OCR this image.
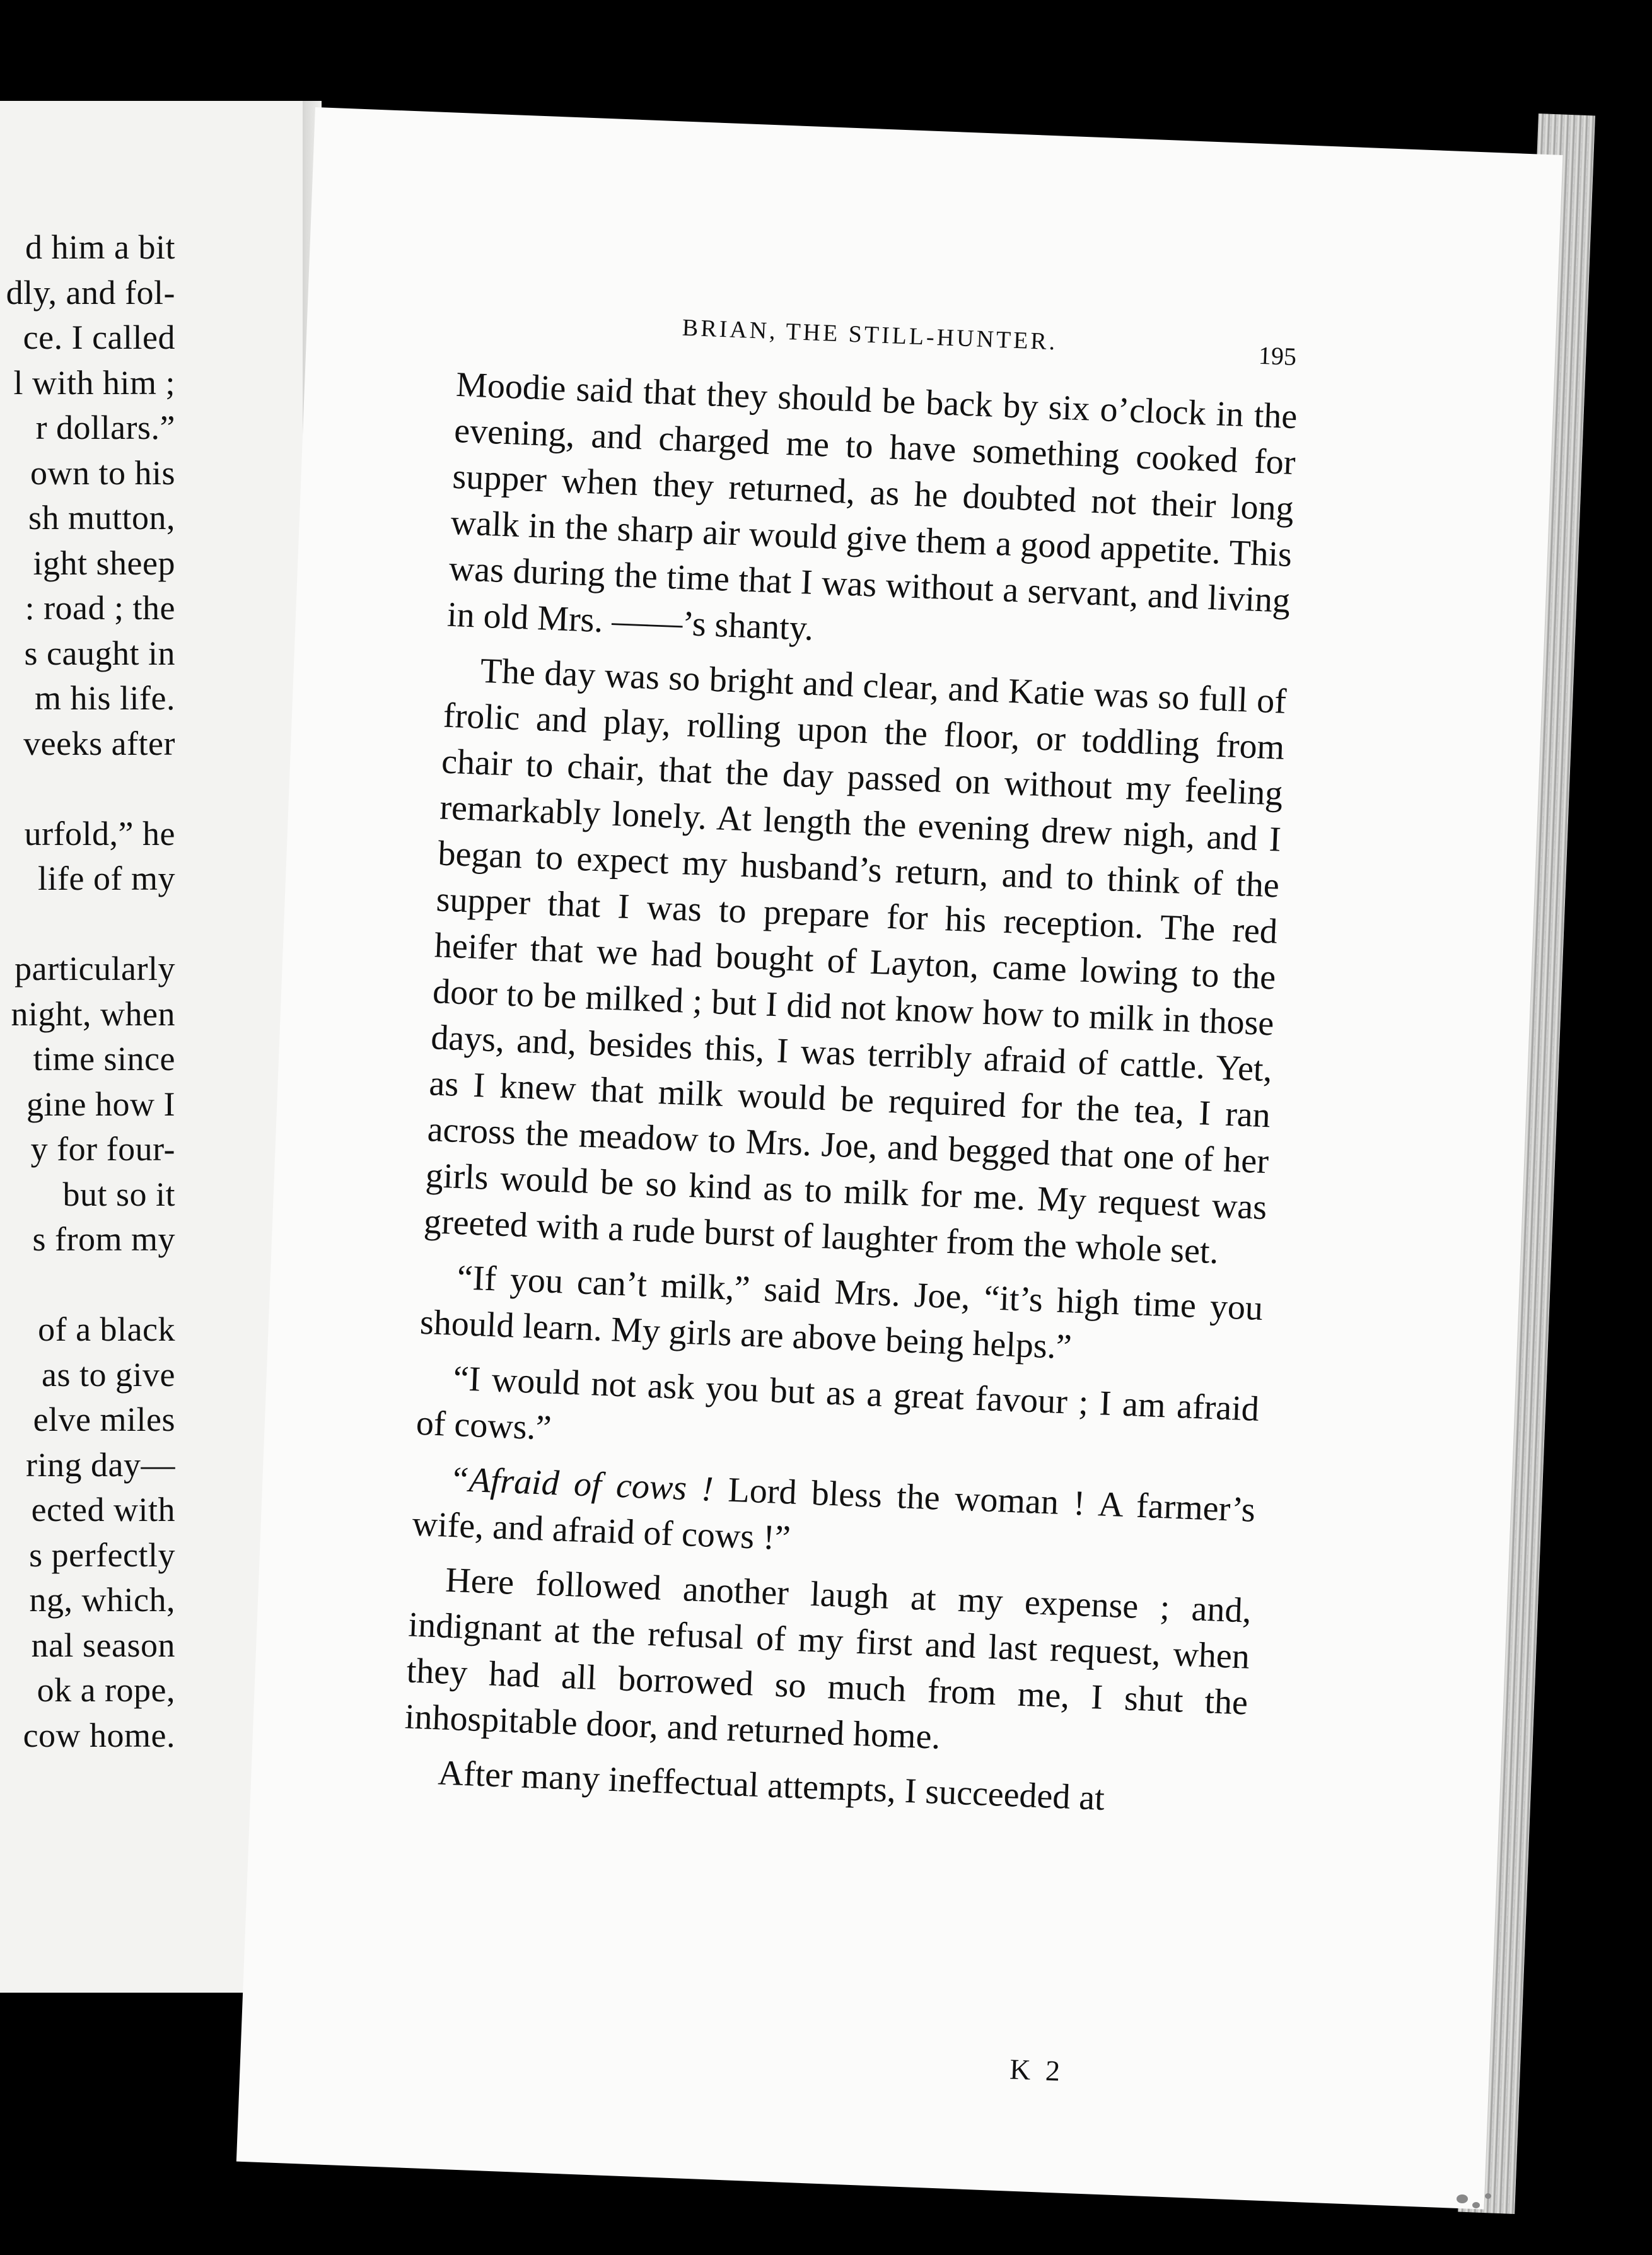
d him a bit
dly, and fol-
ce. I called
l with him ;
r dollars.”
own to his
sh mutton,
ight sheep
: road ; the
s caught in
m his life.
veeks after
urfold,” he
life of my
particularly
night, when
time since
gine how I
y for four-
but so it
s from my
of a black
as to give
elve miles
ring day—
ected with
s perfectly
ng, which,
nal season
ok a rope,
cow home.
BRIAN, THE STILL-HUNTER.
195

Moodie said that they should be back by six o’clock in the evening, and charged me to have something cooked for supper when they returned, as he doubted not their long walk in the sharp air would give them a good appetite. This was during the time that I was without a servant, and living in old Mrs. ——’s shanty.

The day was so bright and clear, and Katie was so full of frolic and play, rolling upon the floor, or toddling from chair to chair, that the day passed on without my feeling remarkably lonely. At length the evening drew nigh, and I began to expect my husband’s return, and to think of the supper that I was to prepare for his reception. The red heifer that we had bought of Layton, came lowing to the door to be milked ; but I did not know how to milk in those days, and, besides this, I was terribly afraid of cattle. Yet, as I knew that milk would be required for the tea, I ran across the meadow to Mrs. Joe, and begged that one of her girls would be so kind as to milk for me. My request was greeted with a rude burst of laughter from the whole set.

“If you can’t milk,” said Mrs. Joe, “it’s high time you should learn. My girls are above being helps.”

“I would not ask you but as a great favour ; I am afraid of cows.”

“Afraid of cows ! Lord bless the woman ! A farmer’s wife, and afraid of cows !”

Here followed another laugh at my expense ; and, indignant at the refusal of my first and last request, when they had all borrowed so much from me, I shut the inhospitable door, and returned home.

After many ineffectual attempts, I succeeded at

K 2
